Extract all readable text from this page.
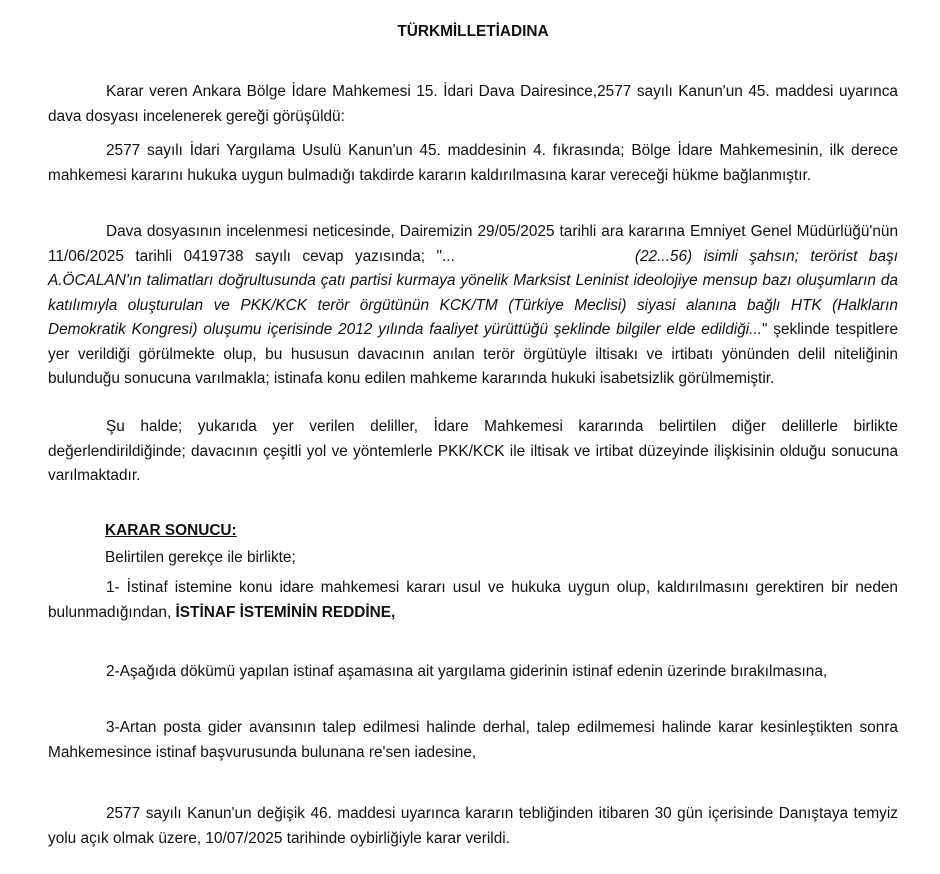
TÜRKMİLLETİADINA

Karar veren Ankara Bölge İdare Mahkemesi 15. İdari Dava Dairesince,2577 sayılı Kanun'un 45. maddesi uyarınca dava dosyası incelenerek gereği görüşüldü:

2577 sayılı İdari Yargılama Usulü Kanun'un 45. maddesinin 4. fıkrasında; Bölge İdare Mahkemesinin, ilk derece mahkemesi kararını hukuka uygun bulmadığı takdirde kararın kaldırılmasına karar vereceği hükme bağlanmıştır.

Dava dosyasının incelenmesi neticesinde, Dairemizin 29/05/2025 tarihli ara kararına Emniyet Genel Müdürlüğü'nün 11/06/2025 tarihli 0419738 sayılı cevap yazısında; "...	(22...56) isimli şahsın; terörist başı A.ÖCALAN'ın talimatları doğrultusunda çatı partisi kurmaya yönelik Marksist Leninist ideolojiye mensup bazı oluşumların da katılımıyla oluşturulan ve PKK/KCK terör örgütünün KCK/TM (Türkiye Meclisi) siyasi alanına bağlı HTK (Halkların Demokratik Kongresi) oluşumu içerisinde 2012 yılında faaliyet yürüttüğü şeklinde bilgiler elde edildiği..." şeklinde tespitlere yer verildiği görülmekte olup, bu hususun davacının anılan terör örgütüyle iltisakı ve irtibatı yönünden delil niteliğinin bulunduğu sonucuna varılmakla; istinafa konu edilen mahkeme kararında hukuki isabetsizlik görülmemiştir.

Şu halde; yukarıda yer verilen deliller, İdare Mahkemesi kararında belirtilen diğer delillerle birlikte değerlendirildiğinde; davacının çeşitli yol ve yöntemlerle PKK/KCK ile iltisak ve irtibat düzeyinde ilişkisinin olduğu sonucuna varılmaktadır.

KARAR SONUCU:
Belirtilen gerekçe ile birlikte;

1- İstinaf istemine konu idare mahkemesi kararı usul ve hukuka uygun olup, kaldırılmasını gerektiren bir neden bulunmadığından, İSTİNAF İSTEMİNİN REDDİNE,

2-Aşağıda dökümü yapılan istinaf aşamasına ait yargılama giderinin istinaf edenin üzerinde bırakılmasına,

3-Artan posta gider avansının talep edilmesi halinde derhal, talep edilmemesi halinde karar kesinleştikten sonra Mahkemesince istinaf başvurusunda bulunana re'sen iadesine,

2577 sayılı Kanun'un değişik 46. maddesi uyarınca kararın tebliğinden itibaren 30 gün içerisinde Danıştaya temyiz yolu açık olmak üzere, 10/07/2025 tarihinde oybirliğiyle karar verildi.
